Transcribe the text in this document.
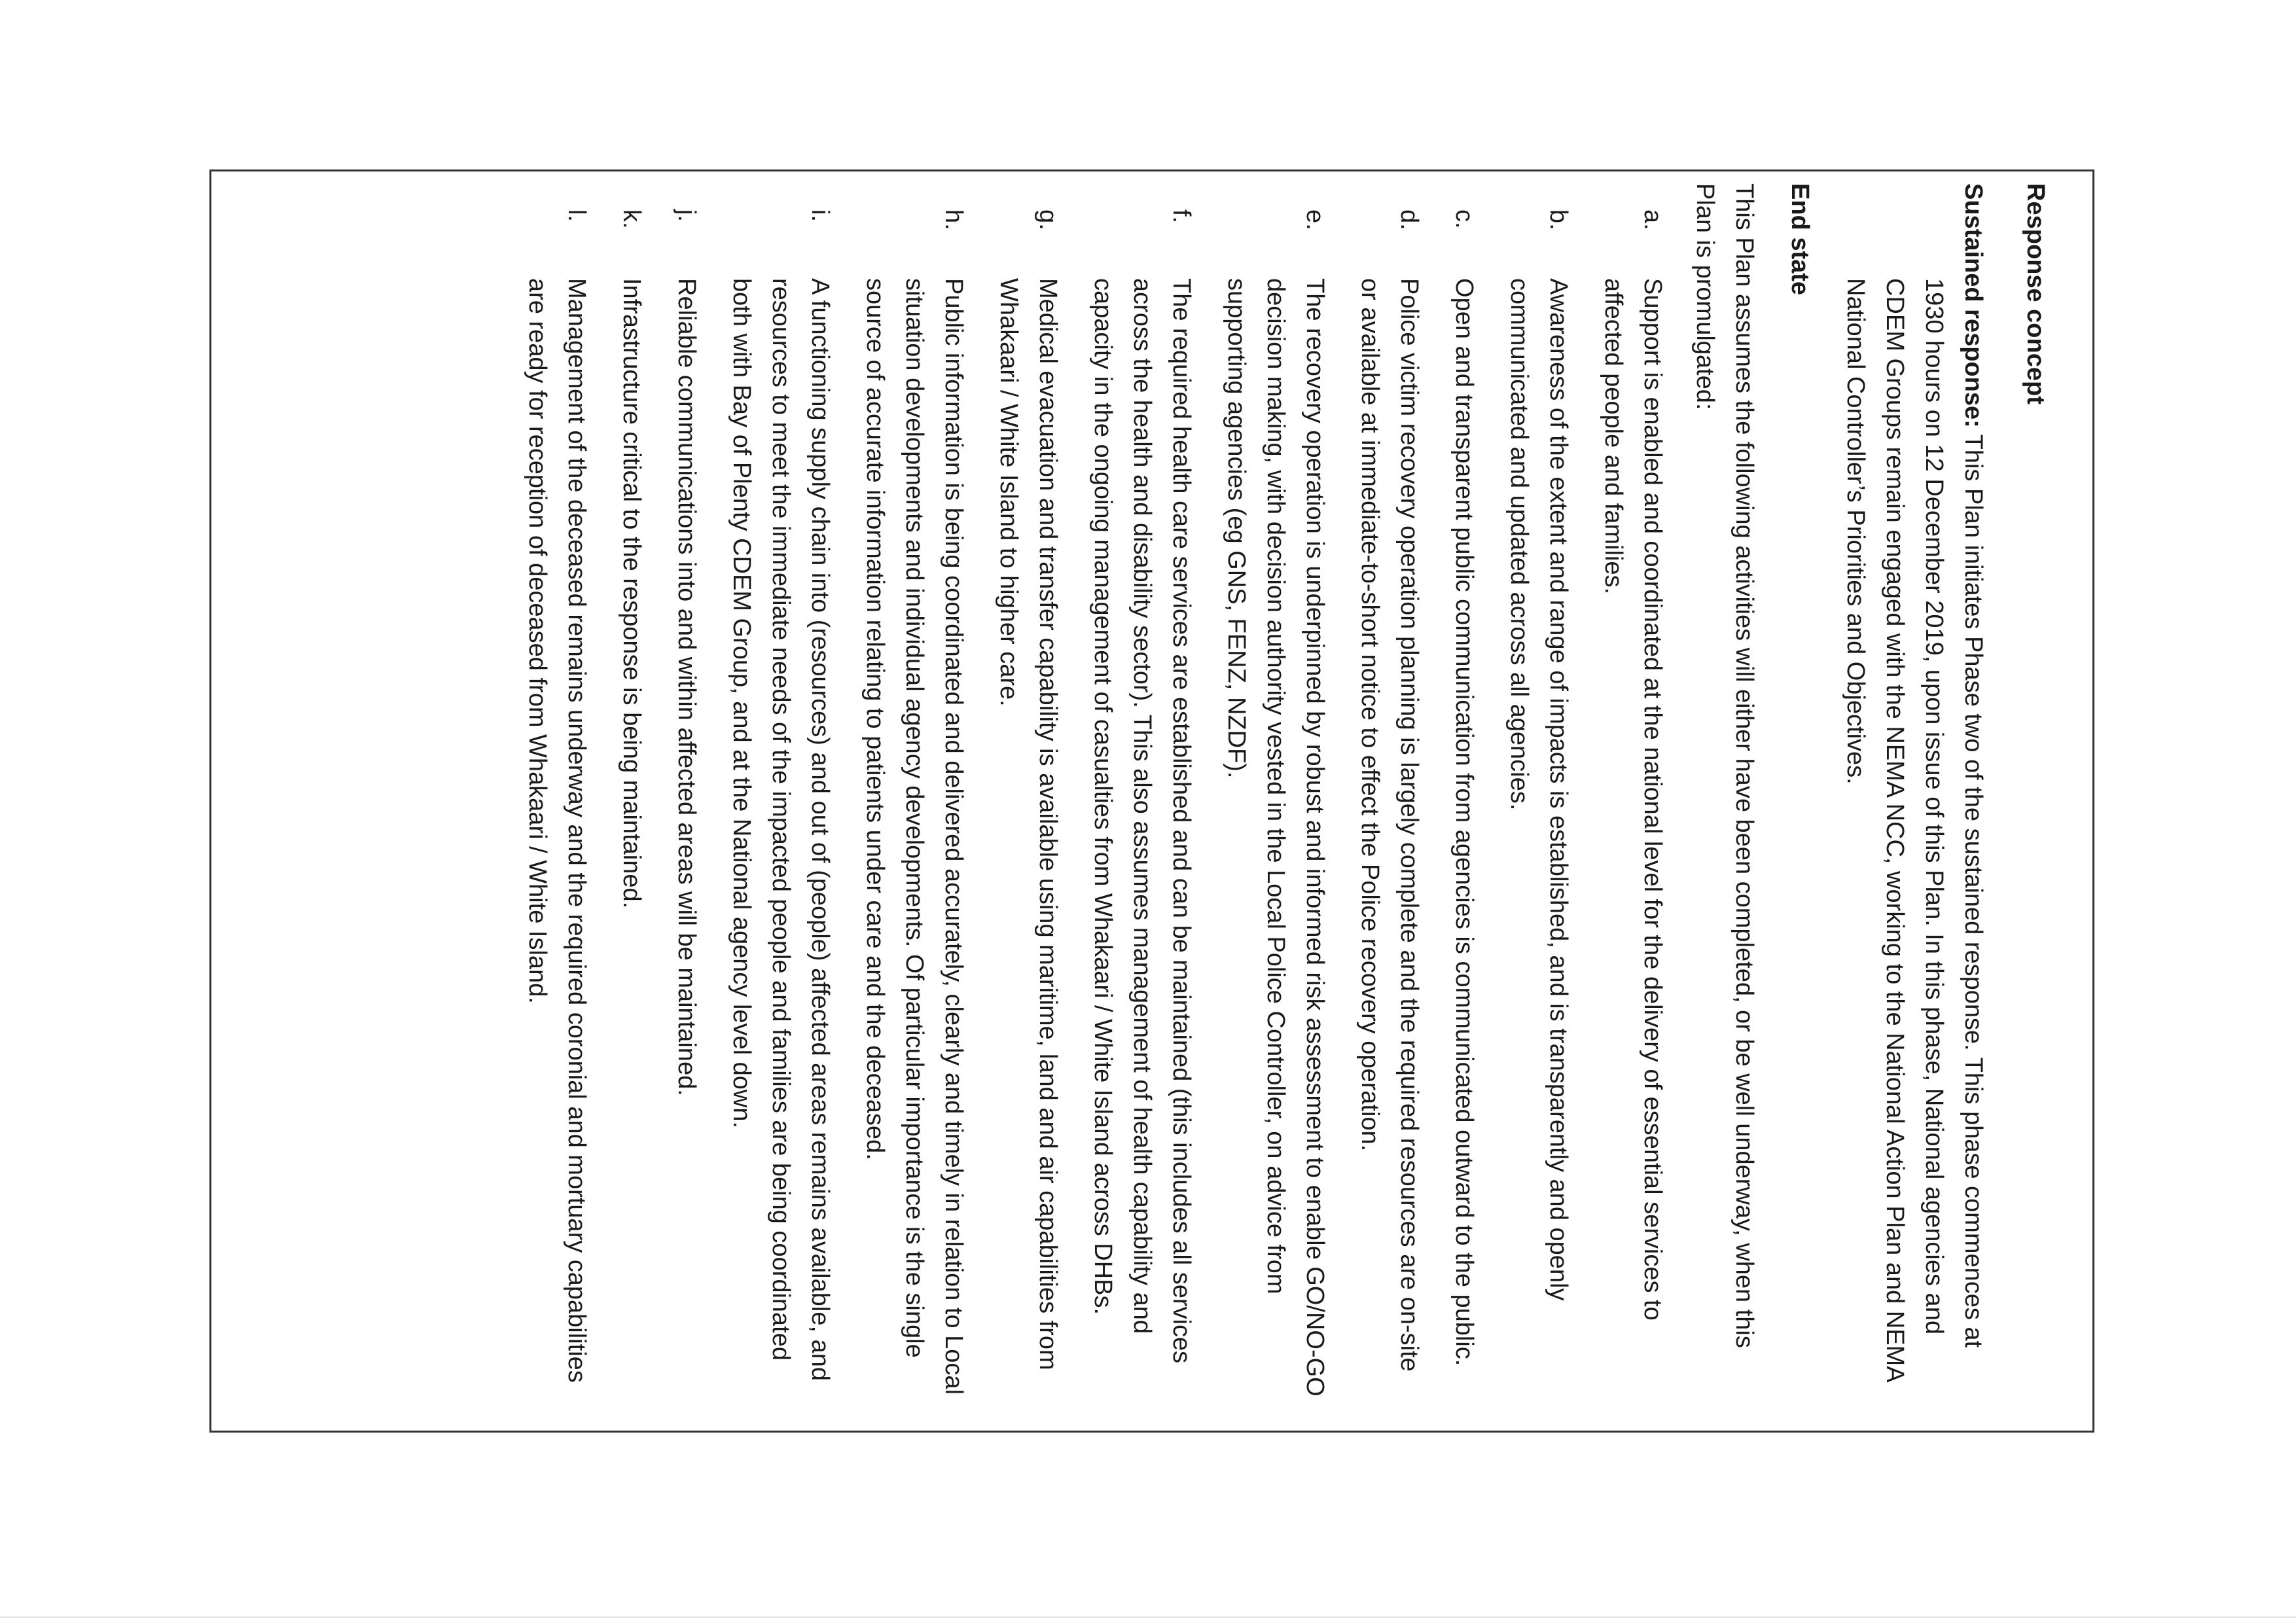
Response concept
Sustained response: This Plan initiates Phase two of the sustained response. This phase commences at 1930 hours on 12 December 2019, upon issue of this Plan. In this phase, National agencies and CDEM Groups remain engaged with the NEMA NCC, working to the National Action Plan and NEMA National Controller’s Priorities and Objectives.
End state
This Plan assumes the following activities will either have been completed, or be well underway, when this Plan is promulgated:
a.
Support is enabled and coordinated at the national level for the delivery of essential services to affected people and families.
b.
Awareness of the extent and range of impacts is established, and is transparently and openly communicated and updated across all agencies.
c.
Open and transparent public communication from agencies is communicated outward to the public.
d.
Police victim recovery operation planning is largely complete and the required resources are on-site or available at immediate-to-short notice to effect the Police recovery operation.
e.
The recovery operation is underpinned by robust and informed risk assessment to enable GO/NO-GO decision making, with decision authority vested in the Local Police Controller, on advice from supporting agencies (eg GNS, FENZ, NZDF).
f.
The required health care services are established and can be maintained (this includes all services across the health and disability sector). This also assumes management of health capability and capacity in the ongoing management of casualties from Whakaari / White Island across DHBs.
g.
Medical evacuation and transfer capability is available using maritime, land and air capabilities from Whakaari / White Island to higher care.
h.
Public information is being coordinated and delivered accurately, clearly and timely in relation to Local situation developments and individual agency developments. Of particular importance is the single source of accurate information relating to patients under care and the deceased.
i.
A functioning supply chain into (resources) and out of (people) affected areas remains available, and resources to meet the immediate needs of the impacted people and families are being coordinated both with Bay of Plenty CDEM Group, and at the National agency level down.
j.
Reliable communications into and within affected areas will be maintained.
k.
Infrastructure critical to the response is being maintained.
l.
Management of the deceased remains underway and the required coronial and mortuary capabilities are ready for reception of deceased from Whakaari / White Island.
